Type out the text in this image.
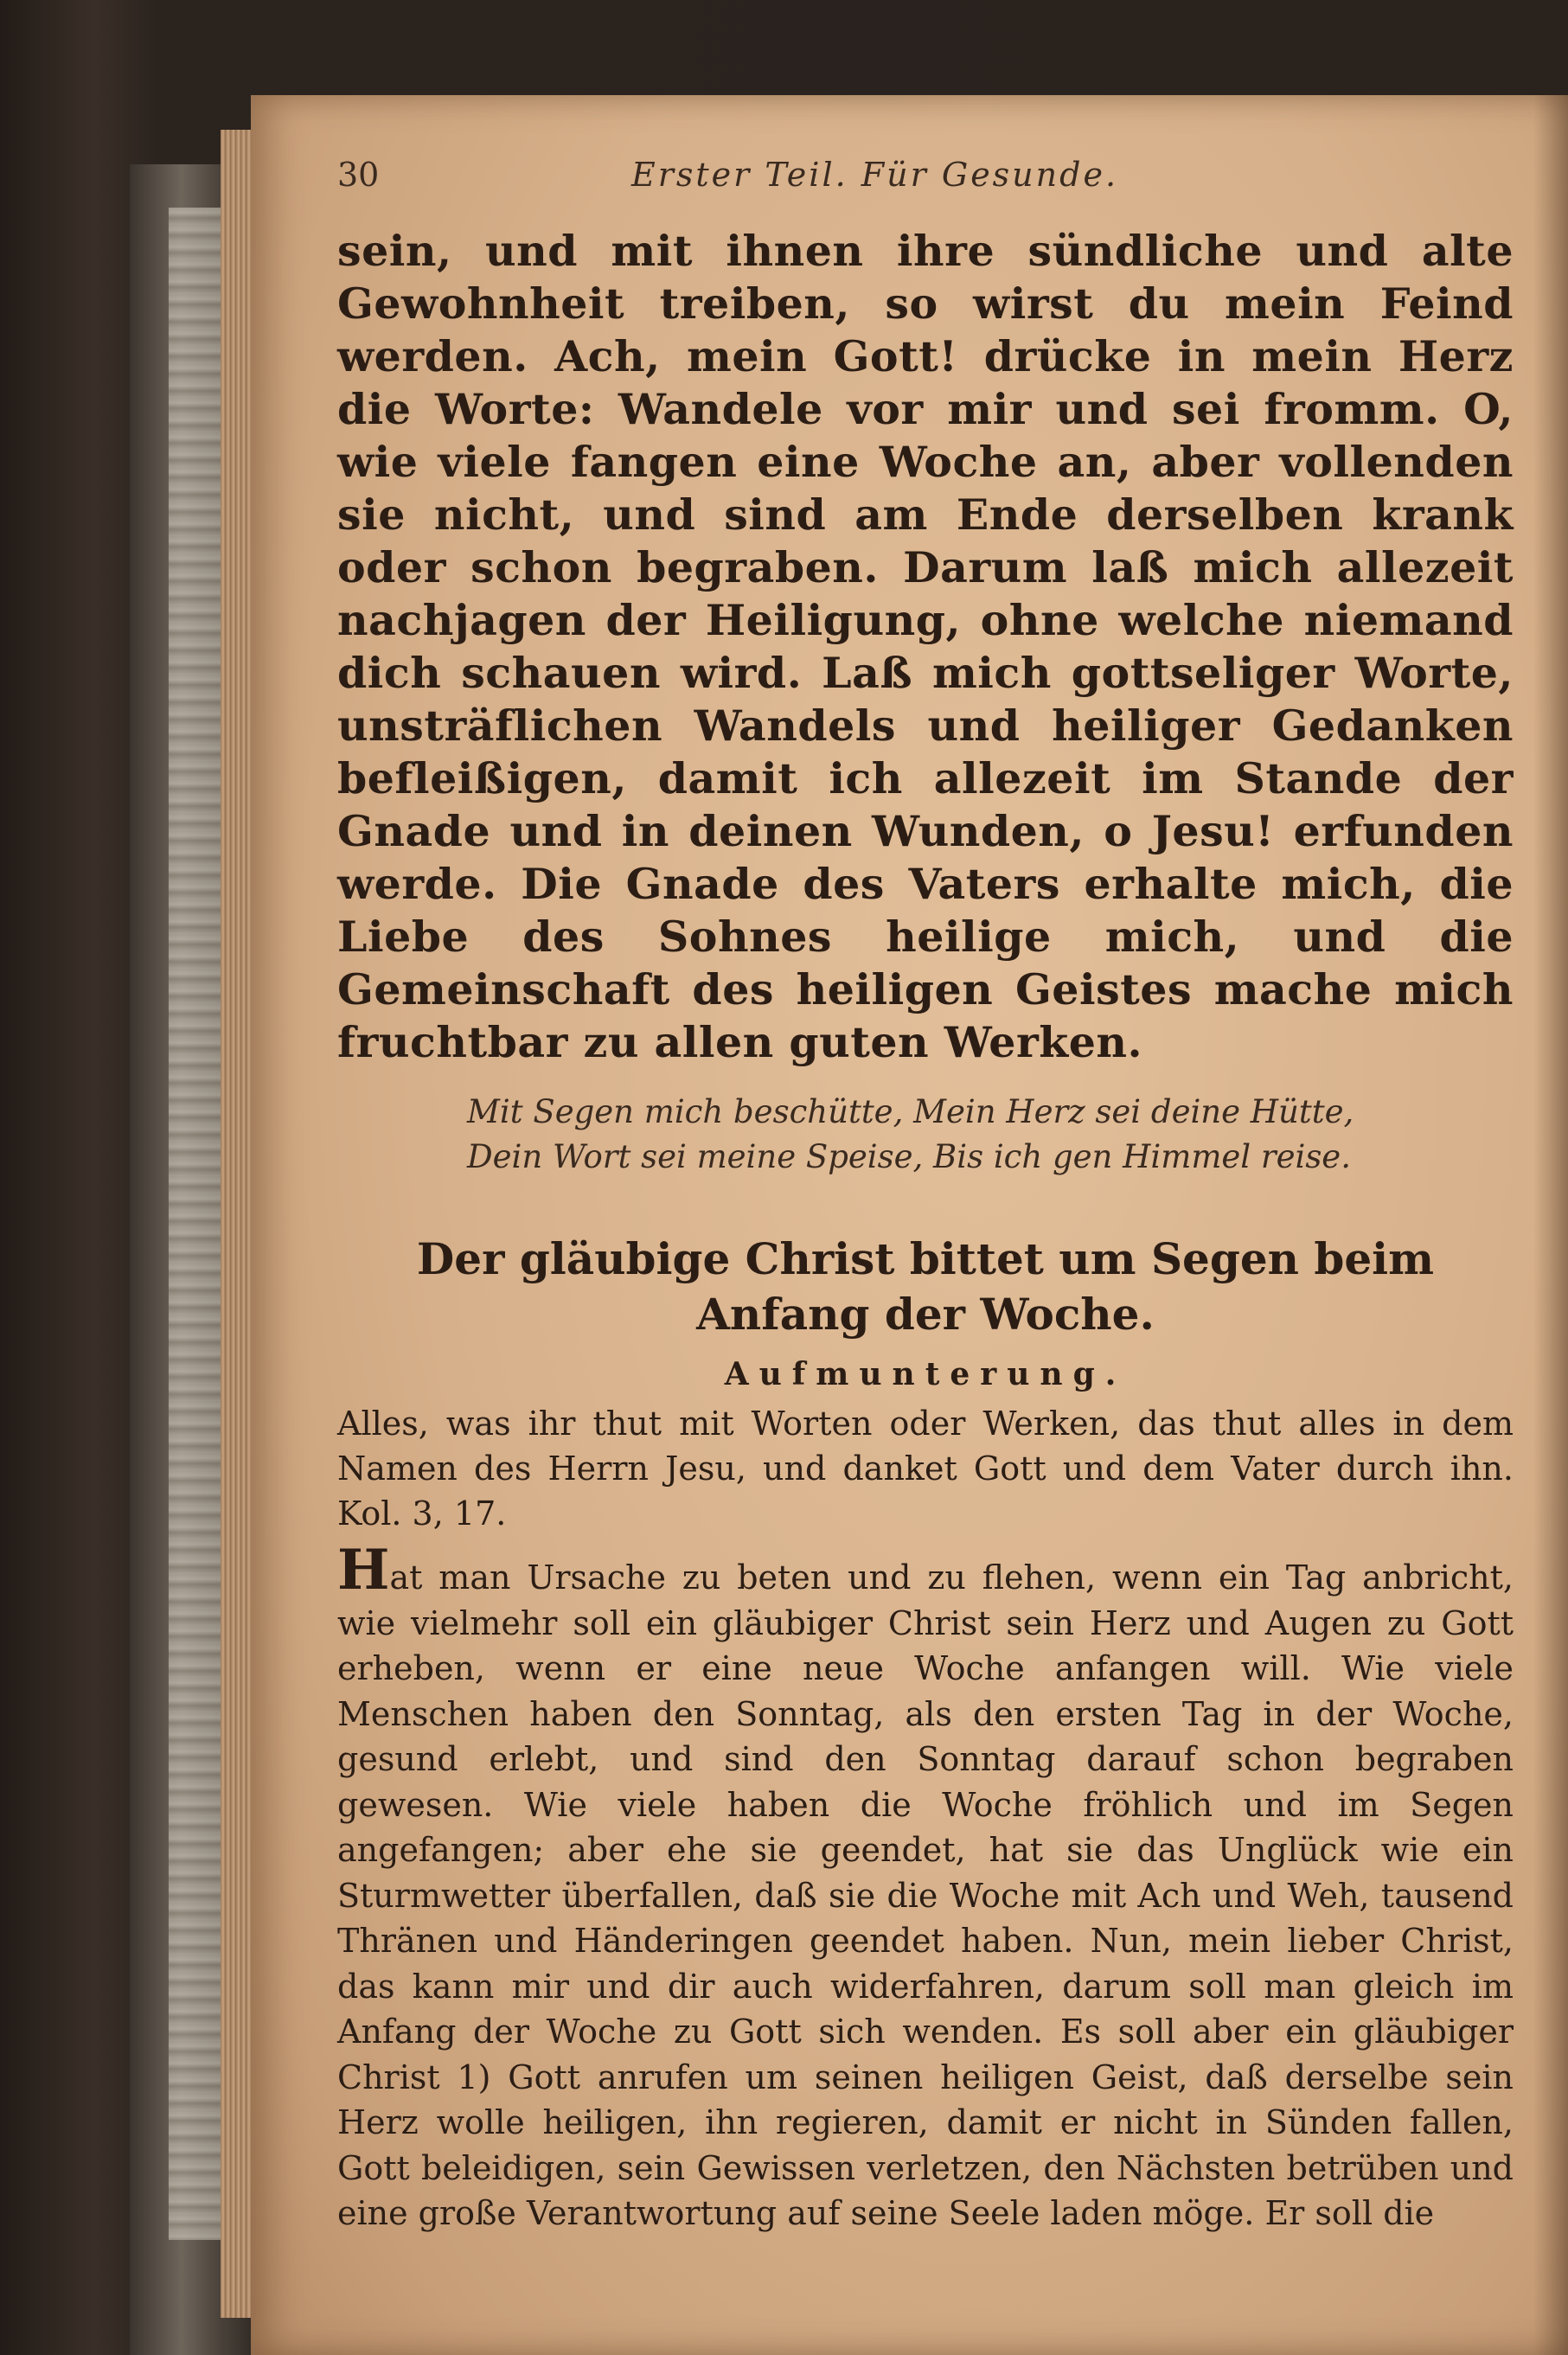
30	Erster Teil. Für Gesunde.

sein, und mit ihnen ihre sündliche und alte Gewohnheit treiben, so wirst du mein Feind werden. Ach, mein Gott! drücke in mein Herz die Worte: Wandele vor mir und sei fromm. O, wie viele fangen eine Woche an, aber vollenden sie nicht, und sind am Ende derselben krank oder schon begraben. Darum laß mich allezeit nachjagen der Heiligung, ohne welche niemand dich schauen wird. Laß mich gottseliger Worte, unsträflichen Wandels und heiliger Gedanken befleißigen, damit ich allezeit im Stande der Gnade und in deinen Wunden, o Jesu! erfunden werde. Die Gnade des Vaters erhalte mich, die Liebe des Sohnes heilige mich, und die Gemeinschaft des heiligen Geistes mache mich fruchtbar zu allen guten Werken.

Mit Segen mich beschütte, Mein Herz sei deine Hütte,
Dein Wort sei meine Speise, Bis ich gen Himmel reise.
Der gläubige Christ bittet um Segen beim Anfang der Woche.
Aufmunterung.
Alles, was ihr thut mit Worten oder Werken, das thut alles in dem Namen des Herrn Jesu, und danket Gott und dem Vater durch ihn. Kol. 3, 17.
Hat man Ursache zu beten und zu flehen, wenn ein Tag anbricht, wie vielmehr soll ein gläubiger Christ sein Herz und Augen zu Gott erheben, wenn er eine neue Woche anfangen will. Wie viele Menschen haben den Sonntag, als den ersten Tag in der Woche, gesund erlebt, und sind den Sonntag darauf schon begraben gewesen. Wie viele haben die Woche fröhlich und im Segen angefangen; aber ehe sie geendet, hat sie das Unglück wie ein Sturmwetter überfallen, daß sie die Woche mit Ach und Weh, tausend Thränen und Händeringen geendet haben. Nun, mein lieber Christ, das kann mir und dir auch widerfahren, darum soll man gleich im Anfang der Woche zu Gott sich wenden. Es soll aber ein gläubiger Christ 1) Gott anrufen um seinen heiligen Geist, daß derselbe sein Herz wolle heiligen, ihn regieren, damit er nicht in Sünden fallen, Gott beleidigen, sein Gewissen verletzen, den Nächsten betrüben und eine große Verantwortung auf seine Seele laden möge. Er soll die
